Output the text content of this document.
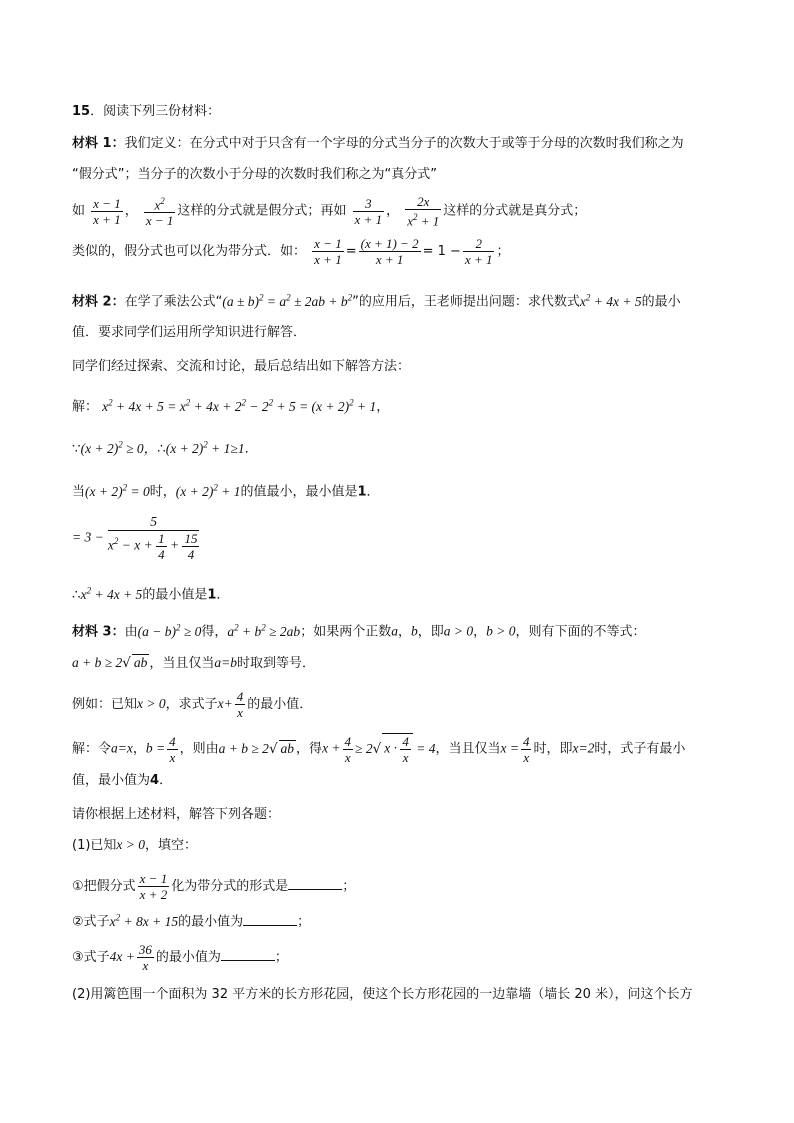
15．阅读下列三份材料：
材料 1：我们定义：在分式中对于只含有一个字母的分式当分子的次数大于或等于分母的次数时我们称之为
“假分式”；当分子的次数小于分母的次数时我们称之为“真分式”
如 $\frac{x - 1}{x + 1}$ ， $\frac{x^2}{x - 1}$ 这样的分式就是假分式；再如 $\frac{3}{x + 1}$ ， $\frac{2x}{x^2 + 1}$ 这样的分式就是真分式；
类似的，假分式也可以化为带分式．如： $\frac{x - 1}{x + 1} = \frac{(x + 1) - 2}{x + 1} = 1 - \frac{2}{x + 1}$ ；
材料 2：在学了乘法公式“$(a \pm b)^2 = a^2 \pm 2ab + b^2$”的应用后，王老师提出问题：求代数式$x^2 + 4x + 5$的最小
值．要求同学们运用所学知识进行解答．
同学们经过探索、交流和讨论，最后总结出如下解答方法：
解： $x^2 + 4x + 5 = x^2 + 4x + 2^2 - 2^2 + 5 = (x + 2)^2 + 1$，
∵(x + 2)$^2$ ≥ 0，∴(x + 2)$^2$ + 1≥1．
当$(x + 2)^2 = 0$时，$(x + 2)^2 + 1$的值最小，最小值是1．
= $3 - \frac{5}{x^2 - x + \frac{1}{4} + \frac{15}{4}}$
$\therefore x^2 + 4x + 5$的最小值是1．
材料 3：由$(a - b)^2 \ge 0$得，$a^2 + b^2 \ge 2ab$；如果两个正数a，b，即a > 0，b > 0，则有下面的不等式：
a + b ≥ 2√ ab ，当且仅当a=b时取到等号．
例如：已知x > 0，求式子$x+ \frac{4}{x}$ 的最小值．
解：令a=x，$b = \frac{4}{x}$ ，则由a + b ≥ 2√ ab ，得$x + \frac{4}{x} \ge 2√$ $x \cdot \frac{4}{x} = 4$，当且仅当$x = \frac{4}{x}$ 时，即x=2时，式子有最小
值，最小值为4．
请你根据上述材料，解答下列各题：
(1)已知x > 0，填空：
①把假分式 $\frac{x - 1}{x + 2}$ 化为带分式的形式是	；
②式子$x^2 + 8x + 15$的最小值为	；
③式子$4x + \frac{36}{x}$ 的最小值为	；
(2)用篱笆围一个面积为 32 平方米的长方形花园，使这个长方形花园的一边靠墙（墙长 20 米），问这个长方
